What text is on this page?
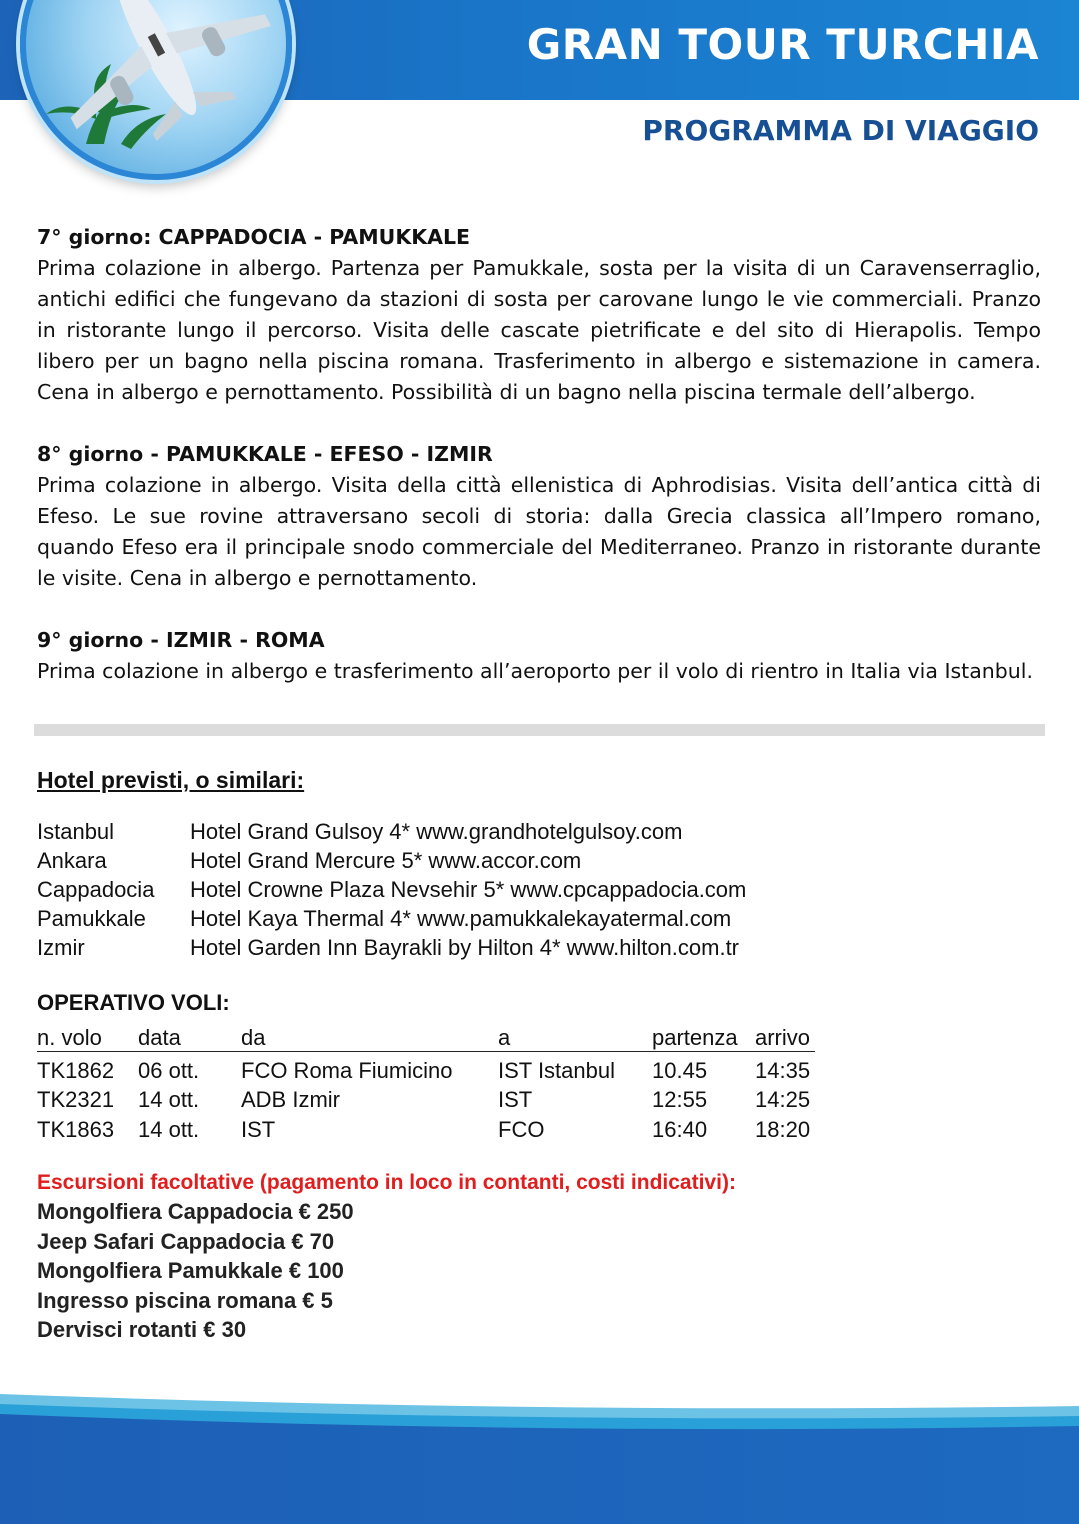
GRAN TOUR TURCHIA
PROGRAMMA DI VIAGGIO

7° giorno: CAPPADOCIA - PAMUKKALE

Prima colazione in albergo. Partenza per Pamukkale, sosta per la visita di un Caravenserraglio, antichi edifici che fungevano da stazioni di sosta per carovane lungo le vie commerciali. Pranzo in ristorante lungo il percorso. Visita delle cascate pietrificate e del sito di Hierapolis. Tempo libero per un bagno nella piscina romana. Trasferimento in albergo e sistemazione in camera. Cena in albergo e pernottamento. Possibilità di un bagno nella piscina termale dell’albergo.

8° giorno - PAMUKKALE - EFESO - IZMIR

Prima colazione in albergo. Visita della città ellenistica di Aphrodisias. Visita dell’antica città di Efeso. Le sue rovine attraversano secoli di storia: dalla Grecia classica all’Impero romano, quando Efeso era il principale snodo commerciale del Mediterraneo. Pranzo in ristorante durante le visite. Cena in albergo e pernottamento.

9° giorno - IZMIR - ROMA

Prima colazione in albergo e trasferimento all’aeroporto per il volo di rientro in Italia via Istanbul.

Hotel previsti, o similari:

Istanbul	Hotel Grand Gulsoy 4* www.grandhotelgulsoy.com
Ankara	Hotel Grand Mercure 5* www.accor.com
Cappadocia	Hotel Crowne Plaza Nevsehir 5* www.cpcappadocia.com
Pamukkale	Hotel Kaya Thermal 4* www.pamukkalekayatermal.com
Izmir	Hotel Garden Inn Bayrakli by Hilton 4* www.hilton.com.tr

OPERATIVO VOLI:

n. volo	data	da	a	partenza	arrivo
TK1862	06 ott.	FCO Roma Fiumicino	IST Istanbul	10.45	14:35
TK2321	14 ott.	ADB Izmir	IST	12:55	14:25
TK1863	14 ott.	IST	FCO	16:40	18:20

Escursioni facoltative (pagamento in loco in contanti, costi indicativi):

Mongolfiera Cappadocia € 250

Jeep Safari Cappadocia € 70

Mongolfiera Pamukkale € 100

Ingresso piscina romana € 5

Dervisci rotanti € 30
